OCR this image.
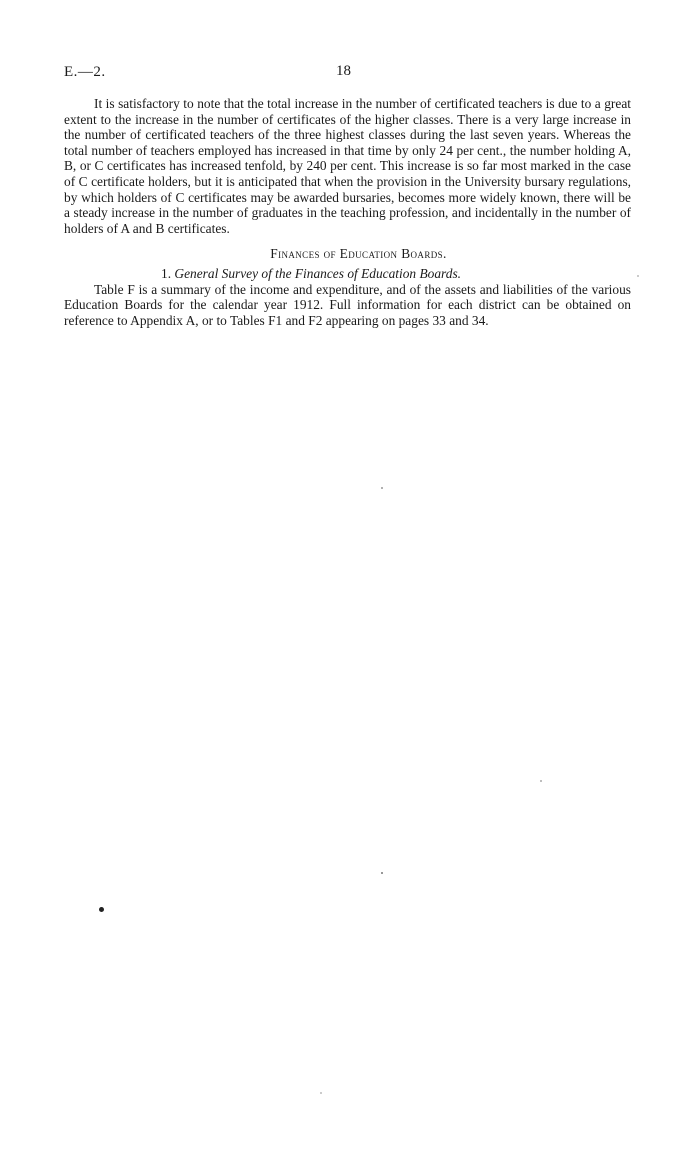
E.—2.	18

It is satisfactory to note that the total increase in the number of certificated teachers is due to a great extent to the increase in the number of certificates of the higher classes. There is a very large increase in the number of certificated teachers of the three highest classes during the last seven years. Whereas the total number of teachers employed has increased in that time by only 24 per cent., the number holding A, B, or C certificates has increased tenfold, by 240 per cent. This increase is so far most marked in the case of C certificate holders, but it is anticipated that when the provision in the University bursary regulations, by which holders of C certificates may be awarded bursaries, becomes more widely known, there will be a steady increase in the number of graduates in the teaching profession, and incidentally in the number of holders of A and B certificates.

Finances of Education Boards.
1. General Survey of the Finances of Education Boards.

Table F is a summary of the income and expenditure, and of the assets and liabilities of the various Education Boards for the calendar year 1912. Full information for each district can be obtained on reference to Appendix A, or to Tables F1 and F2 appearing on pages 33 and 34.
